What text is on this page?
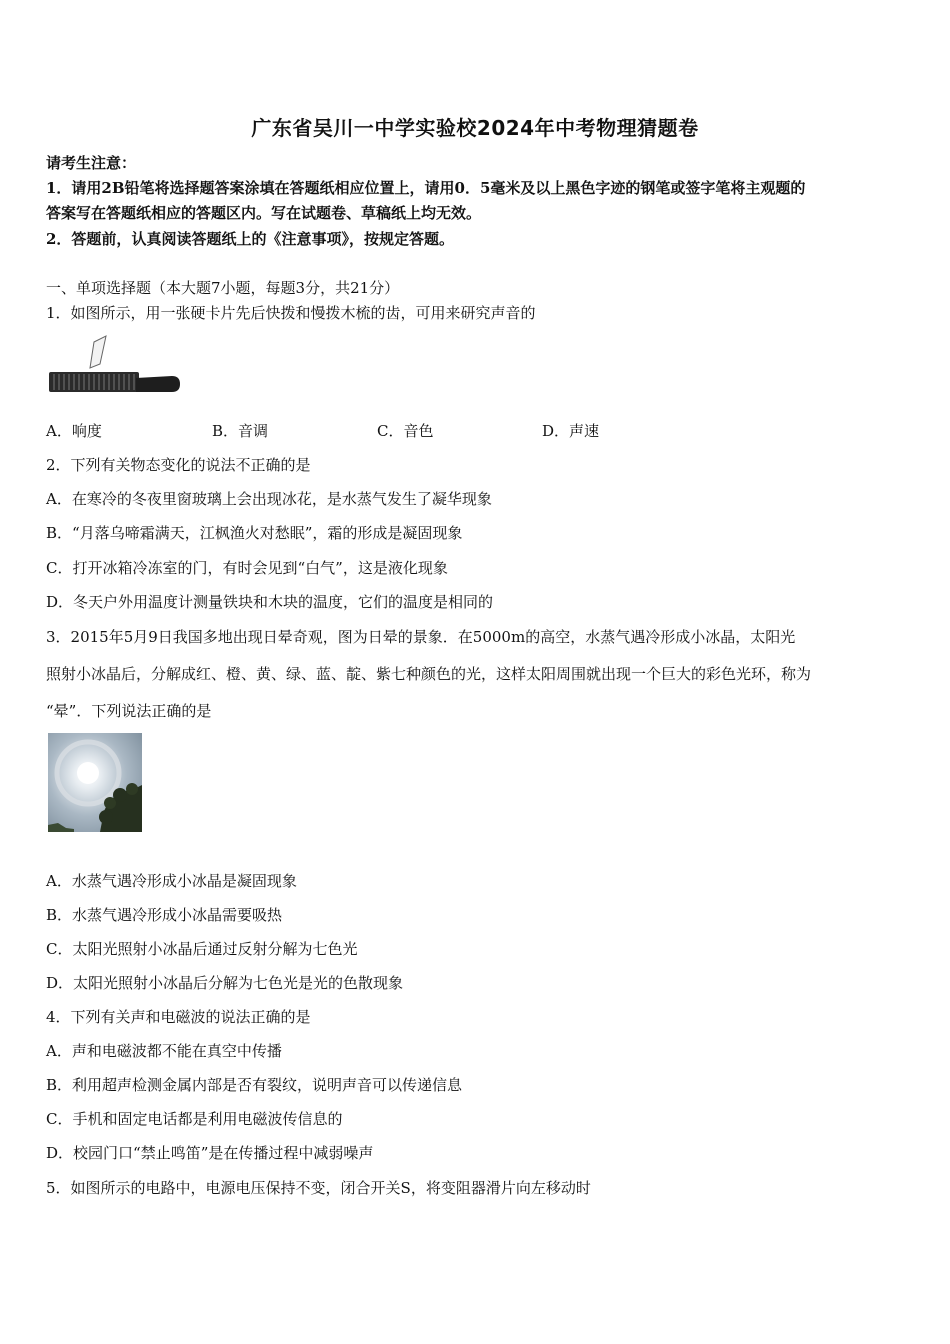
广东省吴川一中学实验校2024年中考物理猜题卷
请考生注意：
1．请用2B铅笔将选择题答案涂填在答题纸相应位置上，请用0．5毫米及以上黑色字迹的钢笔或签字笔将主观题的
答案写在答题纸相应的答题区内。写在试题卷、草稿纸上均无效。
2．答题前，认真阅读答题纸上的《注意事项》，按规定答题。
一、单项选择题（本大题7小题，每题3分，共21分）
1．如图所示，用一张硬卡片先后快拨和慢拨木梳的齿，可用来研究声音的
A．响度	B．音调	C．音色	D．声速
2．下列有关物态变化的说法不正确的是
A．在寒冷的冬夜里窗玻璃上会出现冰花，是水蒸气发生了凝华现象
B．“月落乌啼霜满天，江枫渔火对愁眠”，霜的形成是凝固现象
C．打开冰箱冷冻室的门，有时会见到“白气”，这是液化现象
D．冬天户外用温度计测量铁块和木块的温度，它们的温度是相同的
3．2015年5月9日我国多地出现日晕奇观，图为日晕的景象．在5000m的高空，水蒸气遇冷形成小冰晶，太阳光
照射小冰晶后，分解成红、橙、黄、绿、蓝、靛、紫七种颜色的光，这样太阳周围就出现一个巨大的彩色光环，称为
“晕”．下列说法正确的是
A．水蒸气遇冷形成小冰晶是凝固现象
B．水蒸气遇冷形成小冰晶需要吸热
C．太阳光照射小冰晶后通过反射分解为七色光
D．太阳光照射小冰晶后分解为七色光是光的色散现象
4．下列有关声和电磁波的说法正确的是
A．声和电磁波都不能在真空中传播
B．利用超声检测金属内部是否有裂纹，说明声音可以传递信息
C．手机和固定电话都是利用电磁波传信息的
D．校园门口“禁止鸣笛”是在传播过程中减弱噪声
5．如图所示的电路中，电源电压保持不变，闭合开关S，将变阻器滑片向左移动时
